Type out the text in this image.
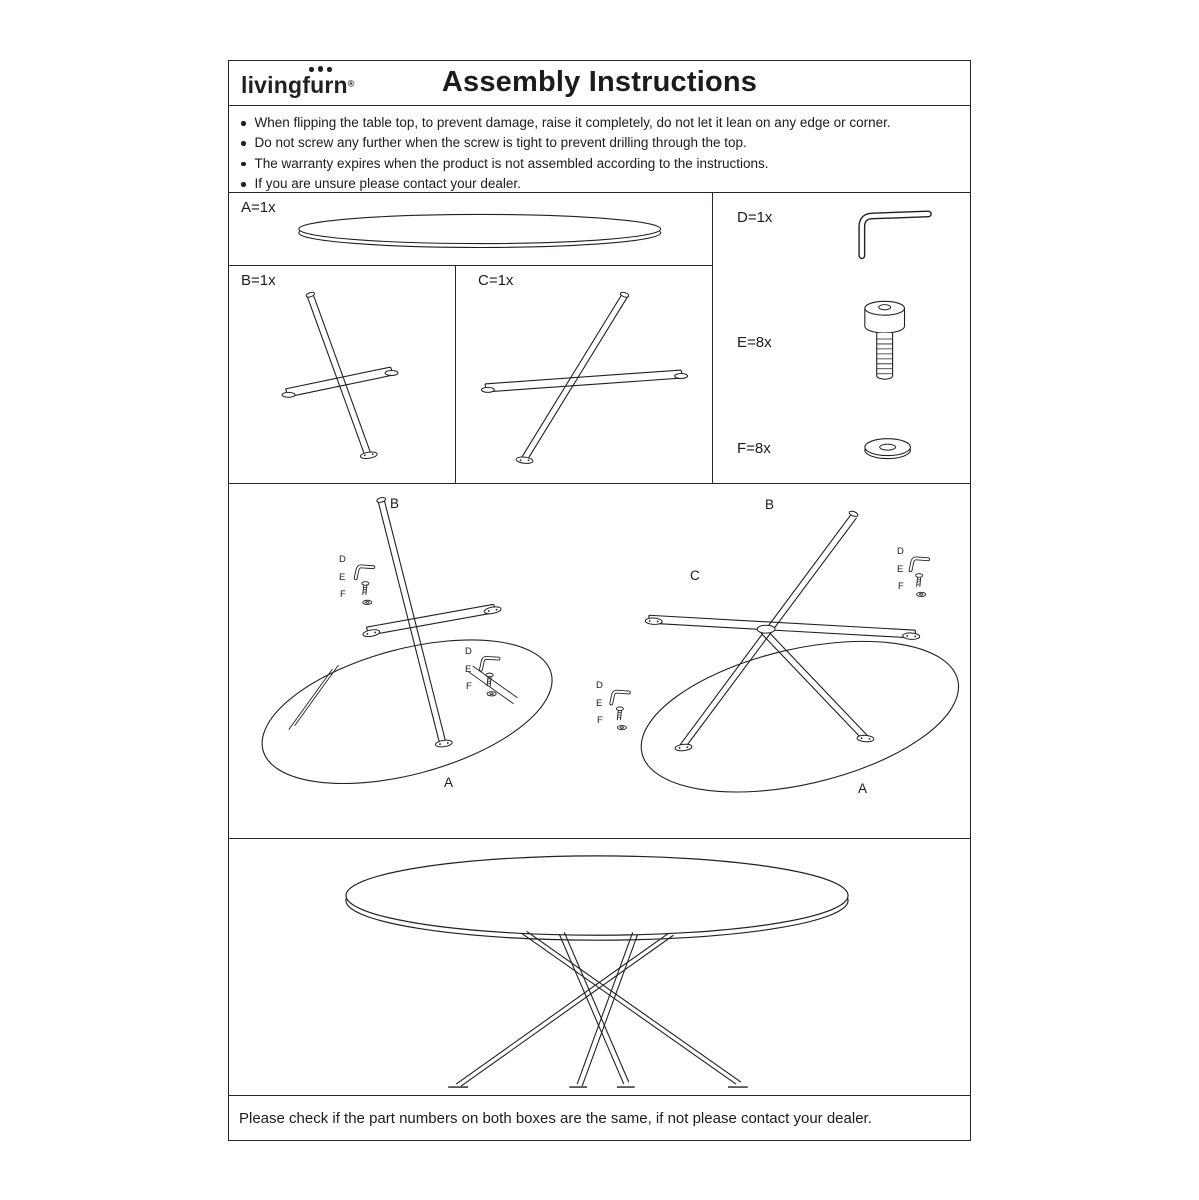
livingfurn®	Assembly Instructions
When flipping the table top, to prevent damage, raise it completely, do not let it lean on any edge or corner.
Do not screw any further when the screw is tight to prevent drilling through the top.
The warranty expires when the product is not assembled according to the instructions.
If you are unsure please contact your dealer.
A=1x
B=1x	C=1x
D=1x
E=8x
F=8x
B
A
D
E
F
D
E
F
B
C
A
D
E
F
D
E
F

Please check if the part numbers on both boxes are the same, if not please contact your dealer.
